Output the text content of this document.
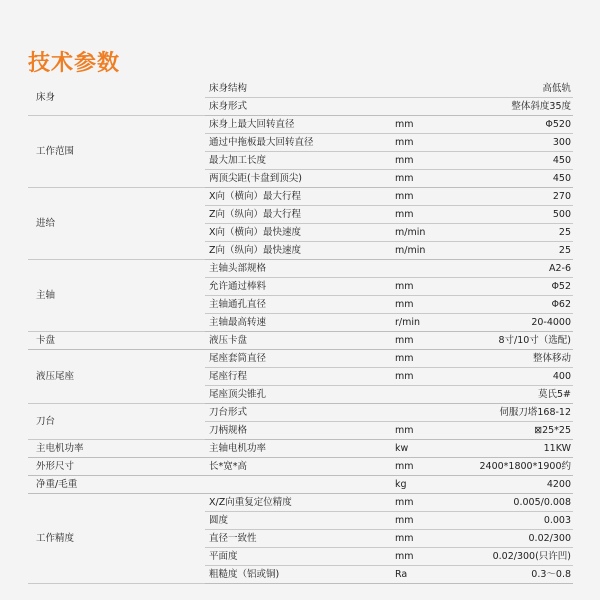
技术参数
床身	床身结构		高低轨
	床身形式		整体斜度35度
工作范围	床身上最大回转直径	mm	Φ520
	通过中拖板最大回转直径	mm	300
	最大加工长度	mm	450
	两顶尖距(卡盘到顶尖)	mm	450
进给	X向（横向）最大行程	mm	270
	Z向（纵向）最大行程	mm	500
	X向（横向）最快速度	m/min	25
	Z向（纵向）最快速度	m/min	25
主轴	主轴头部规格		A2-6
	允许通过棒料	mm	Φ52
	主轴通孔直径	mm	Φ62
	主轴最高转速	r/min	20-4000
卡盘	液压卡盘	mm	8寸/10寸（选配)
液压尾座	尾座套筒直径	mm	整体移动
	尾座行程	mm	400
	尾座顶尖锥孔		莫氏5#
刀台	刀台形式		伺服刀塔168-12
	刀柄规格	mm	⊠25*25
主电机功率	主轴电机功率	kw	11KW
外形尺寸	长*宽*高	mm	2400*1800*1900约
净重/毛重		kg	4200
工作精度	X/Z向重复定位精度	mm	0.005/0.008
	圆度	mm	0.003
	直径一致性	mm	0.02/300
	平面度	mm	0.02/300(只许凹)
	粗糙度（铝或铜)	Ra	0.3～0.8
